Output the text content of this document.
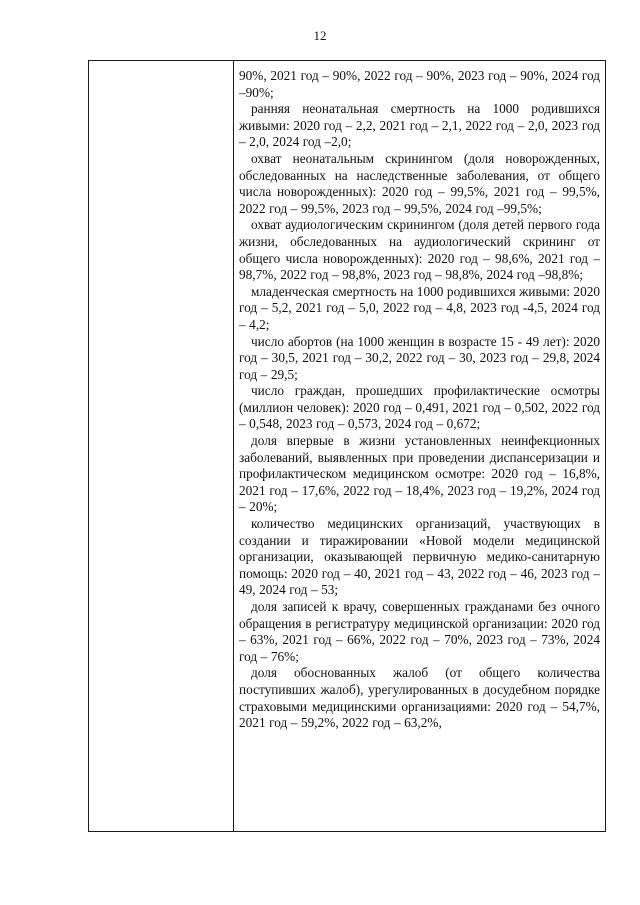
12

90%, 2021 год – 90%, 2022 год – 90%, 2023 год – 90%, 2024 год –90%;

ранняя неонатальная смертность на 1000 родившихся живыми: 2020 год – 2,2, 2021 год – 2,1, 2022 год – 2,0, 2023 год – 2,0, 2024 год –2,0;

охват неонатальным скринингом (доля новорожденных, обследованных на наследственные заболевания, от общего числа новорожденных): 2020 год – 99,5%, 2021 год – 99,5%, 2022 год – 99,5%, 2023 год – 99,5%, 2024 год –99,5%;

охват аудиологическим скринингом (доля детей первого года жизни, обследованных на аудиологический скрининг от общего числа новорожденных): 2020 год – 98,6%, 2021 год – 98,7%, 2022 год – 98,8%, 2023 год – 98,8%, 2024 год –98,8%;

младенческая смертность на 1000 родившихся живыми: 2020 год – 5,2, 2021 год – 5,0, 2022 год – 4,8, 2023 год -4,5, 2024 год – 4,2;

число абортов (на 1000 женщин в возрасте 15 - 49 лет): 2020 год – 30,5, 2021 год – 30,2, 2022 год – 30, 2023 год – 29,8, 2024 год – 29,5;

число граждан, прошедших профилактические осмотры (миллион человек): 2020 год – 0,491, 2021 год – 0,502, 2022 год – 0,548, 2023 год – 0,573, 2024 год – 0,672;

доля впервые в жизни установленных неинфекционных заболеваний, выявленных при проведении диспансеризации и профилактическом медицинском осмотре: 2020 год – 16,8%, 2021 год – 17,6%, 2022 год – 18,4%, 2023 год – 19,2%, 2024 год – 20%;

количество медицинских организаций, участвующих в создании и тиражировании «Новой модели медицинской организации, оказывающей первичную медико-санитарную помощь: 2020 год – 40, 2021 год – 43, 2022 год – 46, 2023 год – 49, 2024 год – 53;

доля записей к врачу, совершенных гражданами без очного обращения в регистратуру медицинской организации: 2020 год – 63%, 2021 год – 66%, 2022 год – 70%, 2023 год – 73%, 2024 год – 76%;

доля обоснованных жалоб (от общего количества поступивших жалоб), урегулированных в досудебном порядке страховыми медицинскими организациями: 2020 год – 54,7%, 2021 год – 59,2%, 2022 год – 63,2%,
